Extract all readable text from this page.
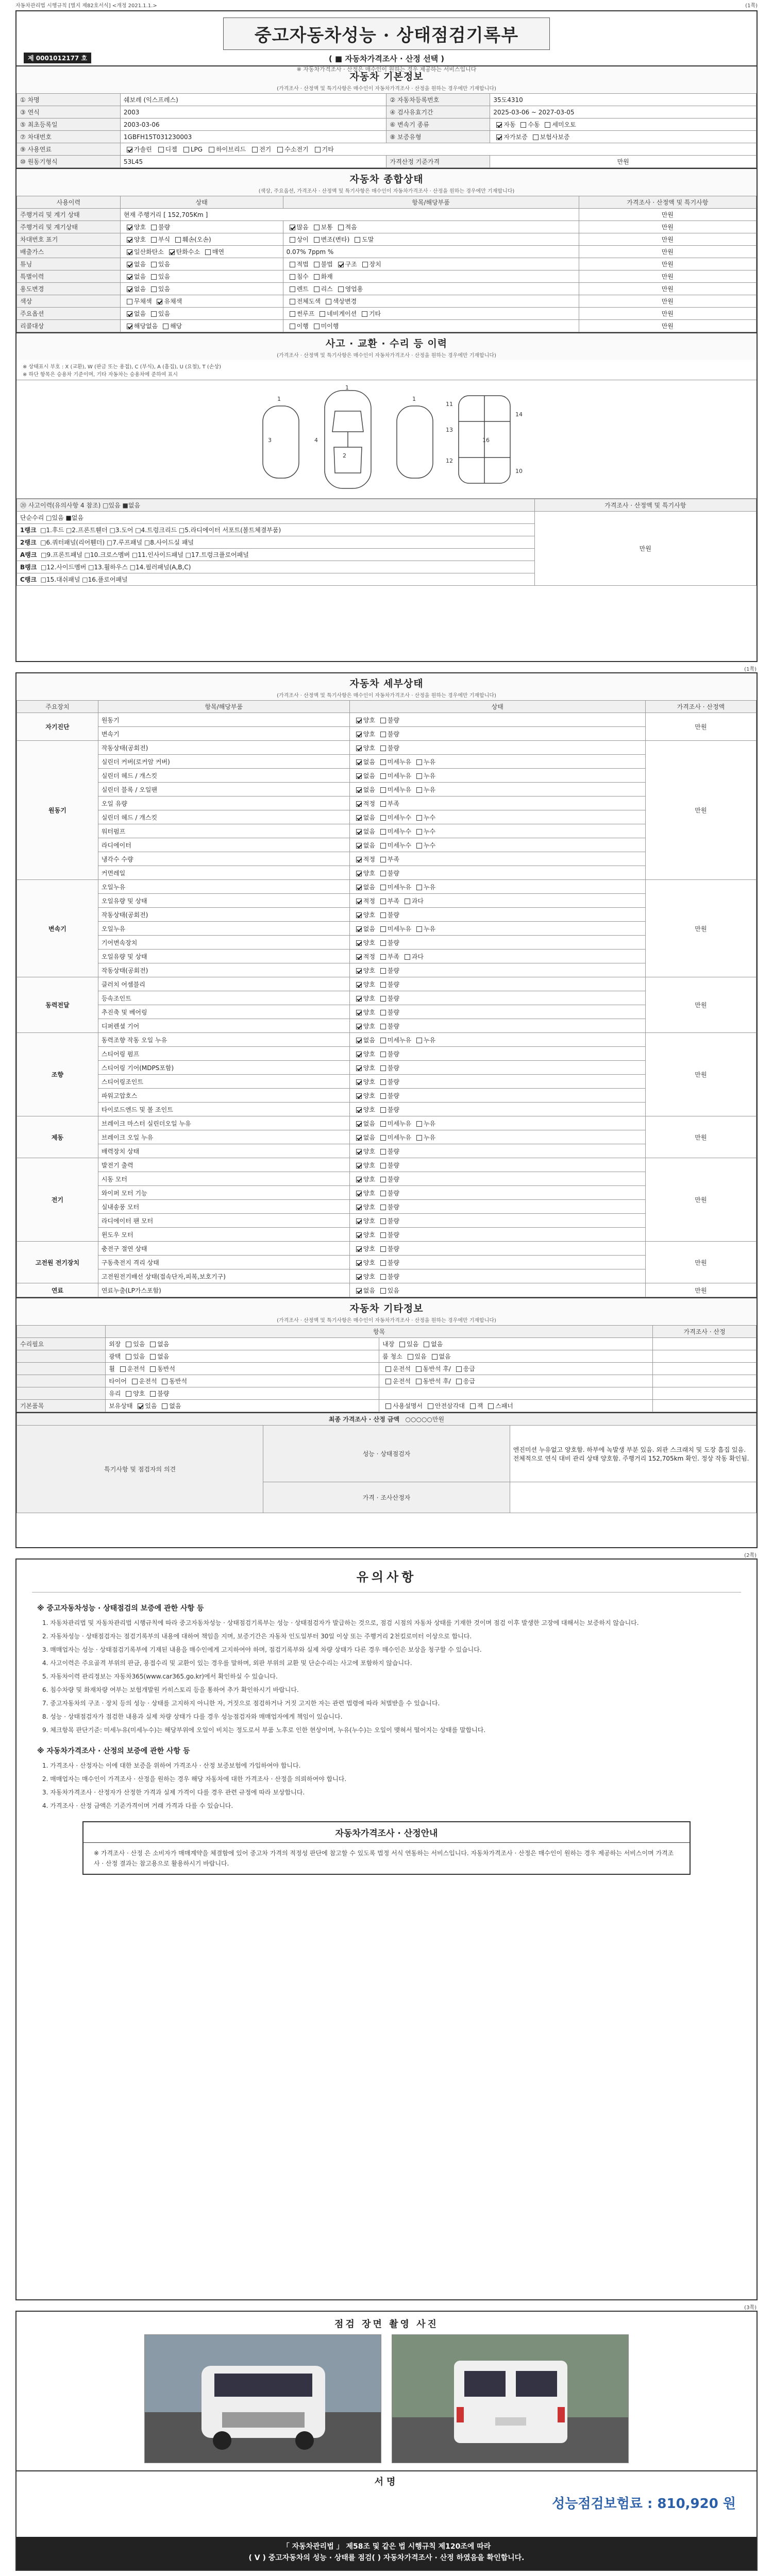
자동차관리법 시행규칙 [별지 제82호서식] <개정 2021.1.1.>	(1쪽)
중고자동차성능 · 상태점검기록부
( ■ 자동차가격조사 · 산정 선택 )
※ 자동차가격조사 · 산정은 매수인이 원하는 경우 제공하는 서비스입니다
제 0001012177 호
자동차 기본정보
(가격조사 · 산정액 및 특기사항은 매수인이 자동차가격조사 · 산정을 원하는 경우에만 기재합니다)
① 차명	쉐보레 (익스프레스)	② 자동차등록번호	35도4310
③ 연식	2003	④ 검사유효기간	2025-03-06 ~ 2027-03-05
⑤ 최초등록일	2003-03-06	⑥ 변속기 종류	자동 수동 세미오토
⑦ 차대번호	1GBFH15T031230003	⑧ 보증유형	자가보증 보험사보증
⑨ 사용연료	가솔린 디젤 LPG 하이브리드 전기 수소전기 기타		
⑩ 원동기형식	53L45	가격산정 기준가격	만원
자동차 종합상태
(색상, 주요옵션, 가격조사 · 산정액 및 특기사항은 매수인이 자동차가격조사 · 산정을 원하는 경우에만 기재합니다)
사용이력	상태	항목/해당부품	가격조사 · 산정액 및 특기사항
주행거리 및 계기 상태	현재 주행거리 [ 152,705Km ]		만원
주행거리 및 계기상태	양호 불량	많음 보통 적음	만원
차대번호 표기	양호 부식 훼손(오손)	상이 변조(변타) 도말	만원
배출가스	일산화탄소 탄화수소 매연	0.07% 7ppm %	만원
튜닝	없음 있음	적법 불법 구조 장치	만원
특별이력	없음 있음	침수 화재	만원
용도변경	없음 있음	렌트 리스 영업용	만원
색상	무채색 유채색	전체도색 색상변경	만원
주요옵션	없음 있음	썬루프 네비게이션 기타	만원
리콜대상	해당없음 해당	이행 미이행	만원
사고 · 교환 · 수리 등 이력
(가격조사 · 산정액 및 특기사항은 매수인이 자동차가격조사 · 산정을 원하는 경우에만 기재합니다)
※ 상태표시 부호 : X (교환), W (판금 또는 용접), C (부식), A (흠집), U (요철), T (손상)
※ 하단 항목은 승용차 기준이며, 기타 자동차는 승용차에 준하여 표시
1
1
1
3	4
2
11
13
12
16
14
10
⑳ 사고이력(유의사항 4 참조) □있음 ■없음	가격조사 · 산정액 및 특기사항
단순수리 □있음 ■없음	만원
1랭크 □1.후드 □2.프론트휀더 □3.도어 □4.트렁크리드 □5.라디에이터 서포트(볼트체결부품)	
2랭크 □6.쿼터패널(리어휀더) □7.루프패널 □8.사이드실 패널	
A랭크 □9.프론트패널 □10.크로스멤버 □11.인사이드패널 □17.트렁크플로어패널	
B랭크 □12.사이드멤버 □13.휠하우스 □14.필러패널(A,B,C)	
C랭크 □15.대쉬패널 □16.플로어패널	
(1쪽)
자동차 세부상태
(가격조사 · 산정액 및 특기사항은 매수인이 자동차가격조사 · 산정을 원하는 경우에만 기재합니다)
주요장치	항목/해당부품	상태	가격조사 · 산정액
자기진단	원동기	양호 불량	만원
	변속기	양호 불량	
원동기	작동상태(공회전)	양호 불량	만원
	실린더 커버(로커암 커버)	없음 미세누유 누유	
	실린더 헤드 / 개스킷	없음 미세누유 누유	
	실린더 블록 / 오일팬	없음 미세누유 누유	
	오일 유량	적정 부족	
	실린더 헤드 / 개스킷	없음 미세누수 누수	
	워터펌프	없음 미세누수 누수	
	라디에이터	없음 미세누수 누수	
	냉각수 수량	적정 부족	
	커먼레일	양호 불량	
변속기	오일누유	없음 미세누유 누유	만원
	오일유량 및 상태	적정 부족 과다	
	작동상태(공회전)	양호 불량	
	오일누유	없음 미세누유 누유	
	기어변속장치	양호 불량	
	오일유량 및 상태	적정 부족 과다	
	작동상태(공회전)	양호 불량	
동력전달	클러치 어셈블리	양호 불량	만원
	등속조인트	양호 불량	
	추진축 및 베어링	양호 불량	
	디퍼렌셜 기어	양호 불량	
조향	동력조향 작동 오일 누유	없음 미세누유 누유	만원
	스티어링 펌프	양호 불량	
	스티어링 기어(MDPS포함)	양호 불량	
	스티어링조인트	양호 불량	
	파워고압호스	양호 불량	
	타이로드엔드 및 볼 조인트	양호 불량	
제동	브레이크 마스터 실린더오일 누유	없음 미세누유 누유	만원
	브레이크 오일 누유	없음 미세누유 누유	
	배력장치 상태	양호 불량	
전기	발전기 출력	양호 불량	만원
	시동 모터	양호 불량	
	와이퍼 모터 기능	양호 불량	
	실내송풍 모터	양호 불량	
	라디에이터 팬 모터	양호 불량	
	윈도우 모터	양호 불량	
고전원 전기장치	충전구 절연 상태	양호 불량	만원
	구동축전지 격리 상태	양호 불량	
	고전원전기배선 상태(접속단자,피복,보호기구)	양호 불량	
연료	연료누출(LP가스포함)	없음 있음	만원
자동차 기타정보
(가격조사 · 산정액 및 특기사항은 매수인이 자동차가격조사 · 산정을 원하는 경우에만 기재합니다)
	항목		가격조사 · 산정
수리필요	외장 있음 없음	내장 있음 없음	
	광택 있음 없음	룸 청소 있음 없음	
	휠 운전석 동반석	운전석 동반석 후/ 응급	
	타이어 운전석 동반석	운전석 동반석 후/ 응급	
	유리 양호 불량		
기본품목	보유상태 있음 없음	사용설명서 안전삼각대 잭 스패너	
최종 가격조사 · 산정 금액 ○○○○○만원		
특기사항 및 점검자의 의견	성능 · 상태점검자	엔진미션 누유없고 양호함. 하부에 녹발생 부분 있음. 외관 스크래치 및 도장 흠집 있음. 전체적으로 연식 대비 관리 상태 양호함. 주행거리 152,705km 확인. 정상 작동 확인됨.
	가격 · 조사산정자	
(2쪽)
유의사항
※ 중고자동차성능 · 상태점검의 보증에 관한 사항 등
1. 자동차관리법 및 자동차관리법 시행규칙에 따라 중고자동차성능 · 상태점검기록부는 성능 · 상태점검자가 발급하는 것으로, 점검 시점의 자동차 상태를 기재한 것이며 점검 이후 발생한 고장에 대해서는 보증하지 않습니다.
2. 자동차성능 · 상태점검자는 점검기록부의 내용에 대하여 책임을 지며, 보증기간은 자동차 인도일부터 30일 이상 또는 주행거리 2천킬로미터 이상으로 합니다.
3. 매매업자는 성능 · 상태점검기록부에 기재된 내용을 매수인에게 고지하여야 하며, 점검기록부와 실제 차량 상태가 다른 경우 매수인은 보상을 청구할 수 있습니다.
4. 사고이력은 주요골격 부위의 판금, 용접수리 및 교환이 있는 경우를 말하며, 외판 부위의 교환 및 단순수리는 사고에 포함하지 않습니다.
5. 자동차이력 관리정보는 자동차365(www.car365.go.kr)에서 확인하실 수 있습니다.
6. 침수차량 및 화재차량 여부는 보험개발원 카히스토리 등을 통하여 추가 확인하시기 바랍니다.
7. 중고자동차의 구조 · 장치 등의 성능 · 상태를 고지하지 아니한 자, 거짓으로 점검하거나 거짓 고지한 자는 관련 법령에 따라 처벌받을 수 있습니다.
8. 성능 · 상태점검자가 점검한 내용과 실제 차량 상태가 다를 경우 성능점검자와 매매업자에게 책임이 있습니다.
9. 체크항목 판단기준: 미세누유(미세누수)는 해당부위에 오일이 비치는 정도로서 부품 노후로 인한 현상이며, 누유(누수)는 오일이 맺혀서 떨어지는 상태를 말합니다.
※ 자동차가격조사 · 산정의 보증에 관한 사항 등
1. 가격조사 · 산정자는 이에 대한 보증을 위하여 가격조사 · 산정 보증보험에 가입하여야 합니다.
2. 매매업자는 매수인이 가격조사 · 산정을 원하는 경우 해당 자동차에 대한 가격조사 · 산정을 의뢰하여야 합니다.
3. 자동차가격조사 · 산정자가 산정한 가격과 실제 가격이 다를 경우 관련 규정에 따라 보상합니다.
4. 가격조사 · 산정 금액은 기준가격이며 거래 가격과 다를 수 있습니다.
자동차가격조사 · 산정안내
※ 가격조사 · 산정 은 소비자가 매매계약을 체결함에 있어 중고차 가격의 적정성 판단에 참고할 수 있도록 법정 서식 연동하는 서비스입니다. 자동차가격조사 · 산정은 매수인이 원하는 경우 제공하는 서비스이며 가격조사 · 산정 결과는 참고용으로 활용하시기 바랍니다.
(3쪽)
점검 장면 촬영 사진
서명
성능점검보험료 : 810,920 원
「 자동차관리법 」 제58조 및 같은 법 시행규칙 제120조에 따라
( V ) 중고자동차의 성능 · 상태를 점검( ) 자동차가격조사 · 산정 하였음을 확인합니다.
